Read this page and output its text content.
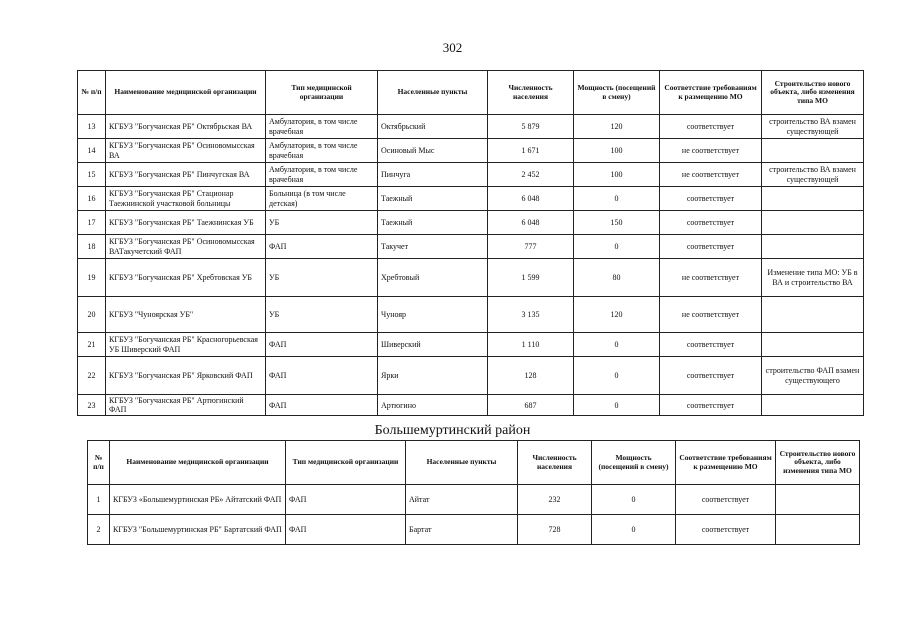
302
№ п/п	Наименование медицинской организации	Тип медицинской организации	Населенные пункты	Численность населения	Мощность (посещений в смену)	Соответствие требованиям к размещению МО	Строительство нового объекта, либо изменения типа МО
13	КГБУЗ "Богучанская РБ" Октябрьская ВА	Амбулатория, в том числе врачебная	Октябрьский	5 879	120	соответствует	строительство ВА взамен существующей
14	КГБУЗ "Богучанская РБ" Осиновомысская ВА	Амбулатория, в том числе врачебная	Осиновый Мыс	1 671	100	не соответствует	
15	КГБУЗ "Богучанская РБ" Пинчугская ВА	Амбулатория, в том числе врачебная	Пинчуга	2 452	100	не соответствует	строительство ВА взамен существующей
16	КГБУЗ "Богучанская РБ" Стационар Таежнинской участковой больницы	Больница (в том числе детская)	Таежный	6 048	0	соответствует	
17	КГБУЗ "Богучанская РБ" Таежнинская УБ	УБ	Таежный	6 048	150	соответствует	
18	КГБУЗ "Богучанская РБ" Осиновомысская ВАТакучетский ФАП	ФАП	Такучет	777	0	соответствует	
19	КГБУЗ "Богучанская РБ" Хребтовская УБ	УБ	Хребтовый	1 599	80	не соответствует	Изменение типа МО: УБ в ВА и строительство ВА
20	КГБУЗ "Чуноярская УБ"	УБ	Чунояр	3 135	120	не соответствует	
21	КГБУЗ "Богучанская РБ" Красногорьевская УБ Шиверский ФАП	ФАП	Шиверский	1 110	0	соответствует	
22	КГБУЗ "Богучанская РБ" Ярковский ФАП	ФАП	Ярки	128	0	соответствует	строительство ФАП взамен существующего
23	КГБУЗ "Богучанская РБ" Артюгинский ФАП	ФАП	Артюгино	687	0	соответствует	
Большемуртинский район
№ п/п	Наименование медицинской организации	Тип медицинской организации	Населенные пункты	Численность населения	Мощность (посещений в смену)	Соответствие требованиям к размещению МО	Строительство нового объекта, либо изменения типа МО
1	КГБУЗ «Большемуртинская РБ» Айтатский ФАП	ФАП	Айтат	232	0	соответствует	
2	КГБУЗ "Большемуртинская РБ" Бартатский ФАП	ФАП	Бартат	728	0	соответствует	
